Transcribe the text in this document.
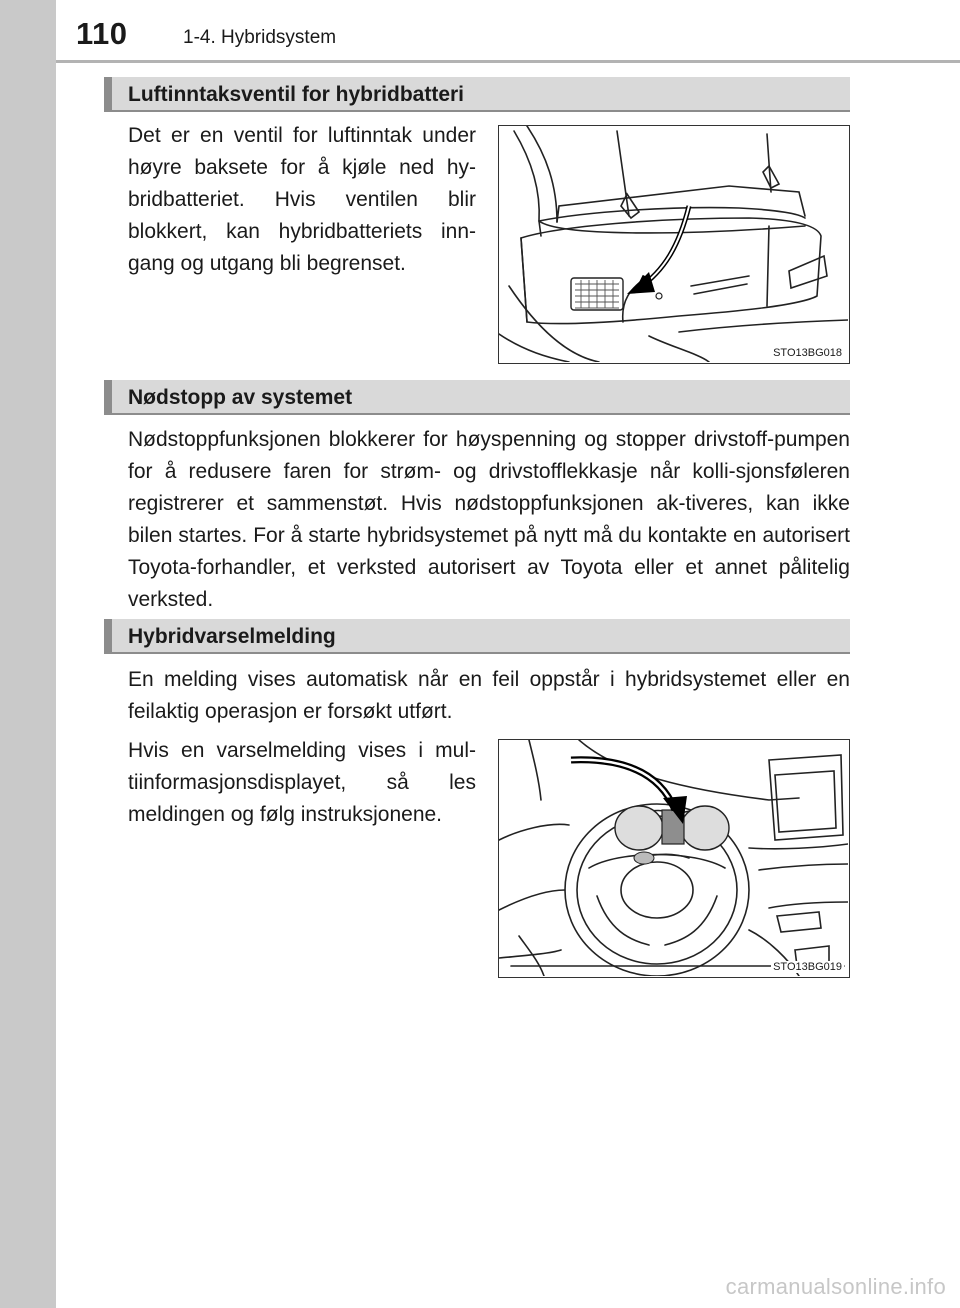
110	1-4. Hybridsystem
Luftinntaksventil for hybridbatteri

Det er en ventil for luftinntak under høyre baksete for å kjøle ned hy-bridbatteriet. Hvis ventilen blir blokkert, kan hybridbatteriets inn-gang og utgang bli begrenset.

STO13BG018
Nødstopp av systemet

Nødstoppfunksjonen blokkerer for høyspenning og stopper drivstoff-pumpen for å redusere faren for strøm- og drivstofflekkasje når kolli-sjonsføleren registrerer et sammenstøt. Hvis nødstoppfunksjonen ak-tiveres, kan ikke bilen startes. For å starte hybridsystemet på nytt må du kontakte en autorisert Toyota-forhandler, et verksted autorisert av Toyota eller et annet pålitelig verksted.

Hybridvarselmelding

En melding vises automatisk når en feil oppstår i hybridsystemet eller en feilaktig operasjon er forsøkt utført.

Hvis en varselmelding vises i mul-tiinformasjonsdisplayet, så les meldingen og følg instruksjonene.

STO13BG019
carmanualsonline.info
